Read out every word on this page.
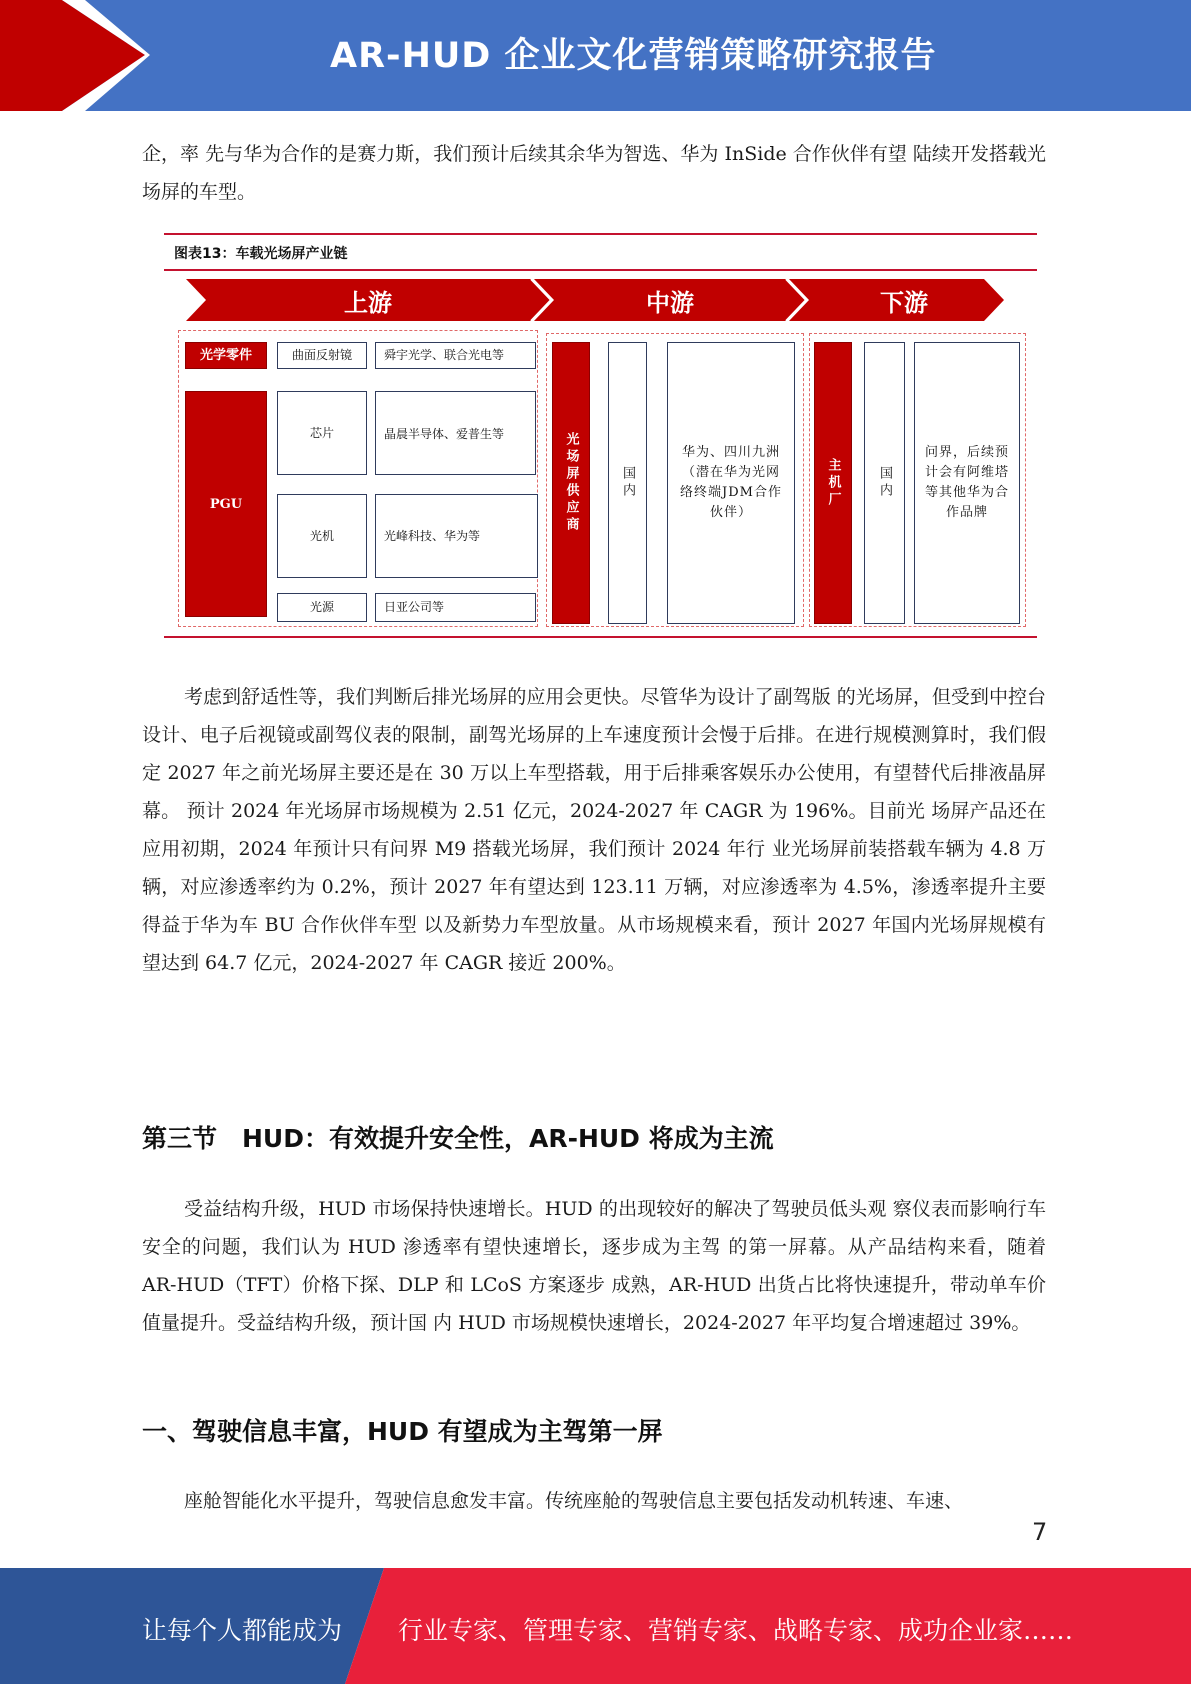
AR-HUD 企业文化营销策略研究报告

企，率 先与华为合作的是赛力斯，我们预计后续其余华为智选、华为 InSide 合作伙伴有望 陆续开发搭载光场屏的车型。

图表13：车载光场屏产业链
上游	中游	下游
光学零件
PGU
曲面反射镜	舜宇光学、联合光电等
芯片	晶晨半导体、爱普生等
光机	光峰科技、华为等
光源	日亚公司等
光场屏供应商	国内
华为、四川九洲（潜在华为光网络终端JDM合作伙伴）
主机厂	国内
问界，后续预计会有阿维塔等其他华为合作品牌

考虑到舒适性等，我们判断后排光场屏的应用会更快。尽管华为设计了副驾版 的光场屏，但受到中控台设计、电子后视镜或副驾仪表的限制，副驾光场屏的上车速度预计会慢于后排。在进行规模测算时，我们假定 2027 年之前光场屏主要还是在 30 万以上车型搭载，用于后排乘客娱乐办公使用，有望替代后排液晶屏幕。 预计 2024 年光场屏市场规模为 2.51 亿元，2024-2027 年 CAGR 为 196%。目前光 场屏产品还在应用初期，2024 年预计只有问界 M9 搭载光场屏，我们预计 2024 年行 业光场屏前装搭载车辆为 4.8 万辆，对应渗透率约为 0.2%，预计 2027 年有望达到 123.11 万辆，对应渗透率为 4.5%，渗透率提升主要得益于华为车 BU 合作伙伴车型 以及新势力车型放量。从市场规模来看，预计 2027 年国内光场屏规模有望达到 64.7 亿元，2024-2027 年 CAGR 接近 200%。

第三节　HUD：有效提升安全性，AR-HUD 将成为主流

受益结构升级，HUD 市场保持快速增长。HUD 的出现较好的解决了驾驶员低头观 察仪表而影响行车安全的问题，我们认为 HUD 渗透率有望快速增长，逐步成为主驾 的第一屏幕。从产品结构来看，随着 AR-HUD（TFT）价格下探、DLP 和 LCoS 方案逐步 成熟，AR-HUD 出货占比将快速提升，带动单车价值量提升。受益结构升级，预计国 内 HUD 市场规模快速增长，2024-2027 年平均复合增速超过 39%。

一、驾驶信息丰富，HUD 有望成为主驾第一屏

座舱智能化水平提升，驾驶信息愈发丰富。传统座舱的驾驶信息主要包括发动机转速、车速、

7
让每个人都能成为 行业专家、管理专家、营销专家、战略专家、成功企业家……
